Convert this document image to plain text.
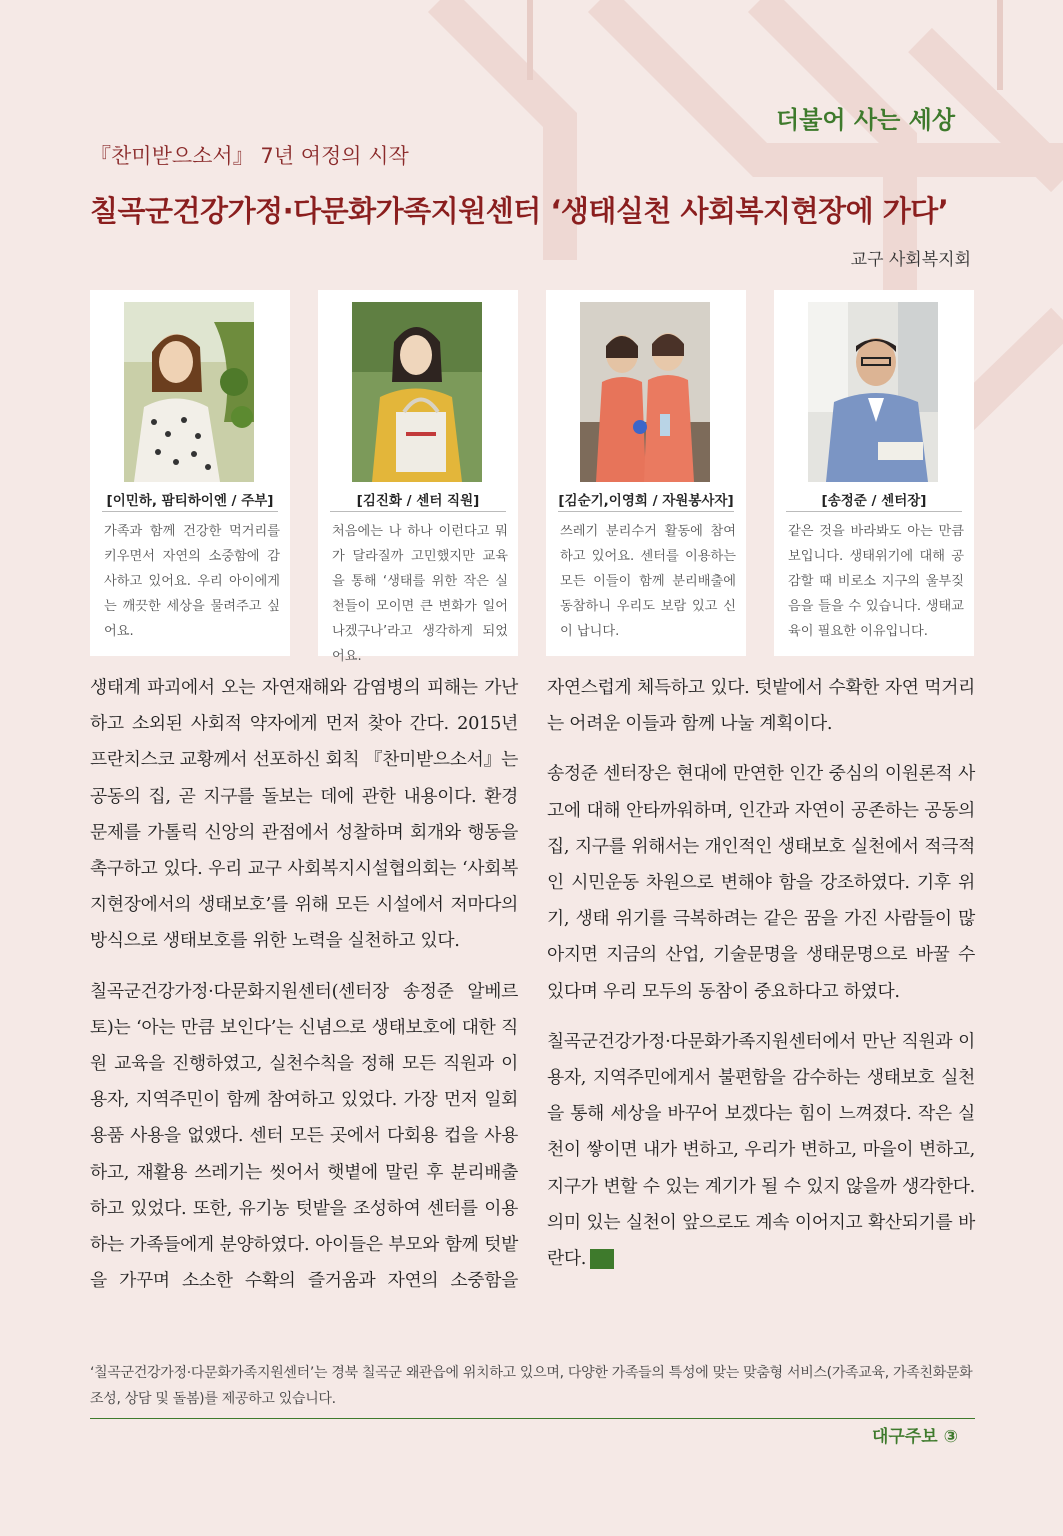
더불어 사는 세상
『찬미받으소서』 7년 여정의 시작
칠곡군건강가정·다문화가족지원센터 ‘생태실천 사회복지현장에 가다’
교구 사회복지회
[이민하, 팜티하이엔 / 주부]
가족과 함께 건강한 먹거리를 키우면서 자연의 소중함에 감사하고 있어요. 우리 아이에게는 깨끗한 세상을 물려주고 싶어요.
[김진화 / 센터 직원]
처음에는 나 하나 이런다고 뭐가 달라질까 고민했지만 교육을 통해 ‘생태를 위한 작은 실천들이 모이면 큰 변화가 일어나겠구나’라고 생각하게 되었어요.
[김순기,이영희 / 자원봉사자]
쓰레기 분리수거 활동에 참여하고 있어요. 센터를 이용하는 모든 이들이 함께 분리배출에 동참하니 우리도 보람 있고 신이 납니다.
[송정준 / 센터장]
같은 것을 바라봐도 아는 만큼 보입니다. 생태위기에 대해 공감할 때 비로소 지구의 울부짖음을 들을 수 있습니다. 생태교육이 필요한 이유입니다.

생태계 파괴에서 오는 자연재해와 감염병의 피해는 가난하고 소외된 사회적 약자에게 먼저 찾아 간다. 2015년 프란치스코 교황께서 선포하신 회칙 『찬미받으소서』는 공동의 집, 곧 지구를 돌보는 데에 관한 내용이다. 환경 문제를 가톨릭 신앙의 관점에서 성찰하며 회개와 행동을 촉구하고 있다. 우리 교구 사회복지시설협의회는 ‘사회복지현장에서의 생태보호’를 위해 모든 시설에서 저마다의 방식으로 생태보호를 위한 노력을 실천하고 있다.

칠곡군건강가정·다문화지원센터(센터장 송정준 알베르토)는 ‘아는 만큼 보인다’는 신념으로 생태보호에 대한 직원 교육을 진행하였고, 실천수칙을 정해 모든 직원과 이용자, 지역주민이 함께 참여하고 있었다. 가장 먼저 일회용품 사용을 없앴다. 센터 모든 곳에서 다회용 컵을 사용하고, 재활용 쓰레기는 씻어서 햇볕에 말린 후 분리배출하고 있었다. 또한, 유기농 텃밭을 조성하여 센터를 이용하는 가족들에게 분양하였다. 아이들은 부모와 함께 텃밭을 가꾸며 소소한 수확의 즐거움과 자연의 소중함을

자연스럽게 체득하고 있다. 텃밭에서 수확한 자연 먹거리는 어려운 이들과 함께 나눌 계획이다.

송정준 센터장은 현대에 만연한 인간 중심의 이원론적 사고에 대해 안타까워하며, 인간과 자연이 공존하는 공동의 집, 지구를 위해서는 개인적인 생태보호 실천에서 적극적인 시민운동 차원으로 변해야 함을 강조하였다. 기후 위기, 생태 위기를 극복하려는 같은 꿈을 가진 사람들이 많아지면 지금의 산업, 기술문명을 생태문명으로 바꿀 수 있다며 우리 모두의 동참이 중요하다고 하였다.

칠곡군건강가정·다문화가족지원센터에서 만난 직원과 이용자, 지역주민에게서 불편함을 감수하는 생태보호 실천을 통해 세상을 바꾸어 보겠다는 힘이 느껴졌다. 작은 실천이 쌓이면 내가 변하고, 우리가 변하고, 마을이 변하고, 지구가 변할 수 있는 계기가 될 수 있지 않을까 생각한다. 의미 있는 실천이 앞으로도 계속 이어지고 확산되기를 바란다.

‘칠곡군건강가정·다문화가족지원센터’는 경북 칠곡군 왜관읍에 위치하고 있으며, 다양한 가족들의 특성에 맞는 맞춤형 서비스(가족교육, 가족친화문화조성, 상담 및 돌봄)를 제공하고 있습니다.
대구주보 ③
